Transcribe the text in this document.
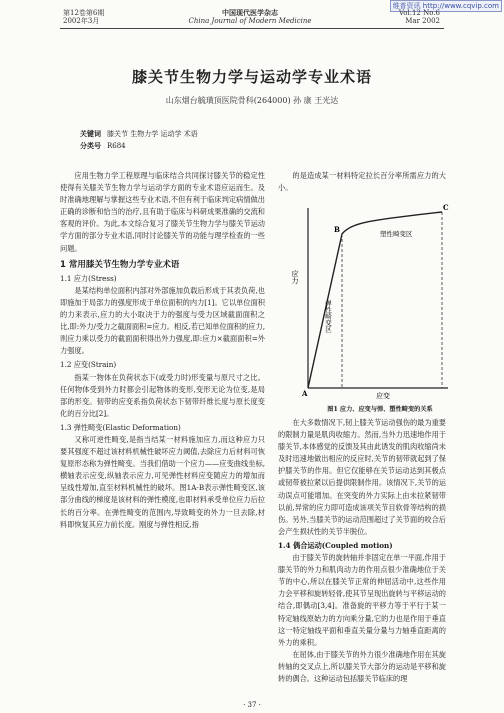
维普资讯 http://www.cqvip.com
第12卷第6期
2002年3月
中国现代医学杂志
China Journal of Modern Medicine
Vol.12 No.6
Mar 2002
膝关节生物力学与运动学专业术语
山东烟台毓璜顶医院骨科(264000) 孙 康 王光达
关键词 膝关节 生物力学 运动学 术语
分类号 R684

应用生物力学工程原理与临床结合共同探讨膝关节的稳定性使得有关膝关节生物力学与运动学方面的专业术语应运而生。及时准确地理解与掌握这些专业术语,不但有利于临床判定病情做出正确的诊断和恰当的治疗,且有助于临床与科研成果准确的交流和客观的评价。为此,本文综合复习了膝关节生物力学与膝关节运动学方面的部分专业术语,同时讨论膝关节的功能与理学检查的一些问题。

1 常用膝关节生物力学专业术语
1.1 应力(Stress)

是某结构单位面积内部对外部施加负载后形成于其表负荷,也即施加于局部力的强度形成于单位面积的内力[1]。它以单位面积的力来表示,应力的大小取决于力的强度与受力区域截面面积之比,即:外力/受力之截面面积=应力。相反,若已知单位面积的应力,则应力乘以受力的截面面积得出外力强度,即:应力×截面面积=外力强度。

1.2 应变(Strain)

指某一物体在负荷状态下(或受力时)形变量与原尺寸之比。任何物体受到外力时都会引起物体的变形,变形无论为位变,是局部的形变。韧带的应变系指负荷状态下韧带纤维长度与原长度变化的百分比[2]。

1.3 弹性畸变(Elastic Deformation)

又称可逆性畸变,是指当结某一材料施加应力,而这种应力只要其强度不超过该材料机械性破坏应力阈值,去除应力后材料可恢复原形态称为弹性畸变。当我们借助一个应力——应变曲线坐标,横轴表示应变,纵轴表示应力,可见弹性材料应变随应力的增加而呈线性增加,直至材料机械性的破坏。图1A-B表示弹性畸变区,该部分曲线的梯度是该材料的弹性模度,也即材料承受单位应力后拉长的百分率。在弹性畸变的范围内,导致畸变的外力一旦去除,材料即恢复其应力前长度。刚度与弹性相反,指

的是造成某一材料特定拉长百分率所需应力的大小。

应力
应变
A
B
C
塑性畸变区
弹性畸变区
图1 应力、应变与弹、塑性畸变的关系

在大多数情况下,韧上膝关节运动强伤的最为重要的限制力量是肌肉收缩力。然而,当外力迅速地作用于膝关节,本体感觉的反馈及其由此诱发的肌肉收缩尚未及时迅速地做出相应的反应时,关节的韧带就起到了保护膝关节的作用。但它仅能够在关节运动达到其极点或韧带被拉紧以后提供限制作用。该情况下,关节的运动误点可能增加。在突变的外力实际上由未拉紧韧带以前,异常的应力即可造成该项关节目软骨等结构的损伤。另外,当膝关节的运动范围超过了关节面的咬合后会产生损状性的关节半脱位。

1.4 偶合运动(Coupled motion)

由于膝关节的旋转轴并非固定在单一平面,作用于膝关节的外力和肌肉动力的作用点很少准确地位于关节的中心,所以在膝关节正常的伸屈活动中,这些作用力会平移和旋转轻骨,使其节呈现出旋转与平移运动的结合,即偶动[3,4]。准备旋的平移力等于平行于某一特定轴线原始力的方向乘分量,它的力也是作用于垂直这一特定轴线平面和垂直关量分量与力轴垂直距离的外力的乘积。

在屈体,由于膝关节的外力很少准确地作用在其旋转轴的交叉点上,所以膝关节大部分的运动是平移和旋转的偶合。这种运动包括膝关节临床的理

· 37 ·
